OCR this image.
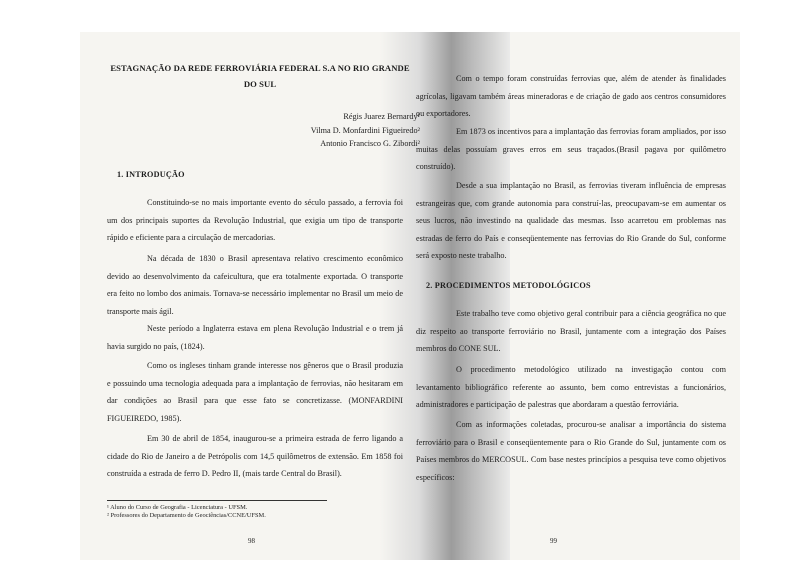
ESTAGNAÇÃO DA REDE FERROVIÁRIA FEDERAL S.A NO RIO GRANDE DO SUL
Régis Juarez Bernardy¹
Vilma D. Monfardini Figueiredo²
Antonio Francisco G. Zibordi²
1. INTRODUÇÃO
Constituindo-se no mais importante evento do século passado, a ferrovia foi um dos principais suportes da Revolução Industrial, que exigia um tipo de transporte rápido e eficiente para a circulação de mercadorias.
Na década de 1830 o Brasil apresentava relativo crescimento econômico devido ao desenvolvimento da cafeicultura, que era totalmente exportada. O transporte era feito no lombo dos animais. Tornava-se necessário implementar no Brasil um meio de transporte mais ágil.
Neste período a Inglaterra estava em plena Revolução Industrial e o trem já havia surgido no país, (1824).
Como os ingleses tinham grande interesse nos gêneros que o Brasil produzia e possuindo uma tecnologia adequada para a implantação de ferrovias, não hesitaram em dar condições ao Brasil para que esse fato se concretizasse. (MONFARDINI FIGUEIREDO, 1985).
Em 30 de abril de 1854, inaugurou-se a primeira estrada de ferro ligando a cidade do Rio de Janeiro a de Petrópolis com 14,5 quilômetros de extensão. Em 1858 foi construída a estrada de ferro D. Pedro II, (mais tarde Central do Brasil).
¹ Aluno do Curso de Geografia - Licenciatura - UFSM.
² Professores do Departamento de Geociências/CCNE/UFSM.
98
Com o tempo foram construídas ferrovias que, além de atender às finalidades agrícolas, ligavam também áreas mineradoras e de criação de gado aos centros consumidores ou exportadores.
Em 1873 os incentivos para a implantação das ferrovias foram ampliados, por isso muitas delas possuíam graves erros em seus traçados.(Brasil pagava por quilômetro construído).
Desde a sua implantação no Brasil, as ferrovias tiveram influência de empresas estrangeiras que, com grande autonomia para construí-las, preocupavam-se em aumentar os seus lucros, não investindo na qualidade das mesmas. Isso acarretou em problemas nas estradas de ferro do País e conseqüentemente nas ferrovias do Rio Grande do Sul, conforme será exposto neste trabalho.
2. PROCEDIMENTOS METODOLÓGICOS
Este trabalho teve como objetivo geral contribuir para a ciência geográfica no que diz respeito ao transporte ferroviário no Brasil, juntamente com a integração dos Países membros do CONE SUL.
O procedimento metodológico utilizado na investigação contou com levantamento bibliográfico referente ao assunto, bem como entrevistas a funcionários, administradores e participação de palestras que abordaram a questão ferroviária.
Com as informações coletadas, procurou-se analisar a importância do sistema ferroviário para o Brasil e conseqüentemente para o Rio Grande do Sul, juntamente com os Países membros do MERCOSUL. Com base nestes princípios a pesquisa teve como objetivos específicos:
99
